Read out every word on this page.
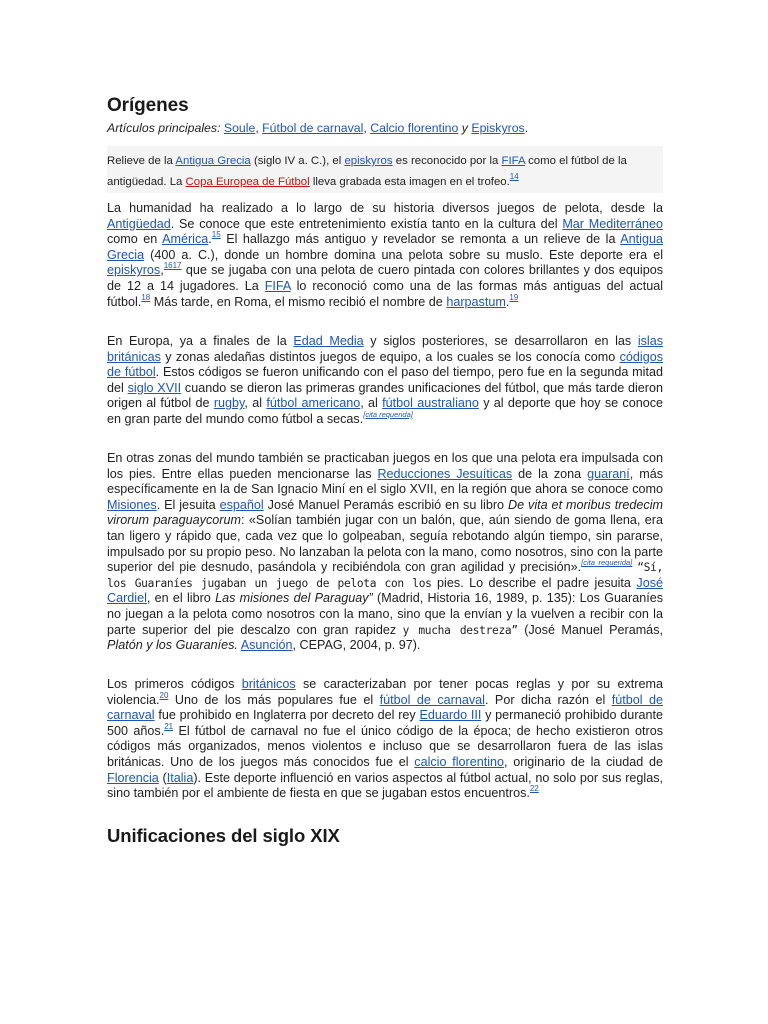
Orígenes
Artículos principales: Soule, Fútbol de carnaval, Calcio florentino y Episkyros.
Relieve de la Antigua Grecia (siglo IV a. C.), el episkyros es reconocido por la FIFA como el fútbol de la antigüedad. La Copa Europea de Fútbol lleva grabada esta imagen en el trofeo.$^{14}$

La humanidad ha realizado a lo largo de su historia diversos juegos de pelota, desde la Antigüedad. Se conoce que este entretenimiento existía tanto en la cultura del Mar Mediterráneo como en América.$^{15}$ El hallazgo más antiguo y revelador se remonta a un relieve de la Antigua Grecia (400 a. C.), donde un hombre domina una pelota sobre su muslo. Este deporte era el episkyros,$^{1617}$ que se jugaba con una pelota de cuero pintada con colores brillantes y dos equipos de 12 a 14 jugadores. La FIFA lo reconoció como una de las formas más antiguas del actual fútbol.$^{18}$ Más tarde, en Roma, el mismo recibió el nombre de harpastum.$^{19}$

En Europa, ya a finales de la Edad Media y siglos posteriores, se desarrollaron en las islas británicas y zonas aledañas distintos juegos de equipo, a los cuales se los conocía como códigos de fútbol. Estos códigos se fueron unificando con el paso del tiempo, pero fue en la segunda mitad del siglo XVII cuando se dieron las primeras grandes unificaciones del fútbol, que más tarde dieron origen al fútbol de rugby, al fútbol americano, al fútbol australiano y al deporte que hoy se conoce en gran parte del mundo como fútbol a secas.[cita requerida]

En otras zonas del mundo también se practicaban juegos en los que una pelota era impulsada con los pies. Entre ellas pueden mencionarse las Reducciones Jesuíticas de la zona guaraní, más específicamente en la de San Ignacio Miní en el siglo XVII, en la región que ahora se conoce como Misiones. El jesuita español José Manuel Peramás escribió en su libro De vita et moribus tredecim virorum paraguaycorum: «Solían también jugar con un balón, que, aún siendo de goma llena, era tan ligero y rápido que, cada vez que lo golpeaban, seguía rebotando algún tiempo, sin pararse, impulsado por su propio peso. No lanzaban la pelota con la mano, como nosotros, sino con la parte superior del pie desnudo, pasándola y recibiéndola con gran agilidad y precisión».[cita requerida] “Sí, los Guaraníes jugaban un juego de pelota con los pies. Lo describe el padre jesuita José Cardiel, en el libro Las misiones del Paraguay” (Madrid, Historia 16, 1989, p. 135): Los Guaraníes no juegan a la pelota como nosotros con la mano, sino que la envían y la vuelven a recibir con la parte superior del pie descalzo con gran rapidez y mucha destreza” (José Manuel Peramás, Platón y los Guaraníes. Asunción, CEPAG, 2004, p. 97).

Los primeros códigos británicos se caracterizaban por tener pocas reglas y por su extrema violencia.$^{20}$ Uno de los más populares fue el fútbol de carnaval. Por dicha razón el fútbol de carnaval fue prohibido en Inglaterra por decreto del rey Eduardo III y permaneció prohibido durante 500 años.$^{21}$ El fútbol de carnaval no fue el único código de la época; de hecho existieron otros códigos más organizados, menos violentos e incluso que se desarrollaron fuera de las islas británicas. Uno de los juegos más conocidos fue el calcio florentino, originario de la ciudad de Florencia (Italia). Este deporte influenció en varios aspectos al fútbol actual, no solo por sus reglas, sino también por el ambiente de fiesta en que se jugaban estos encuentros.$^{22}$

Unificaciones del siglo XIX
